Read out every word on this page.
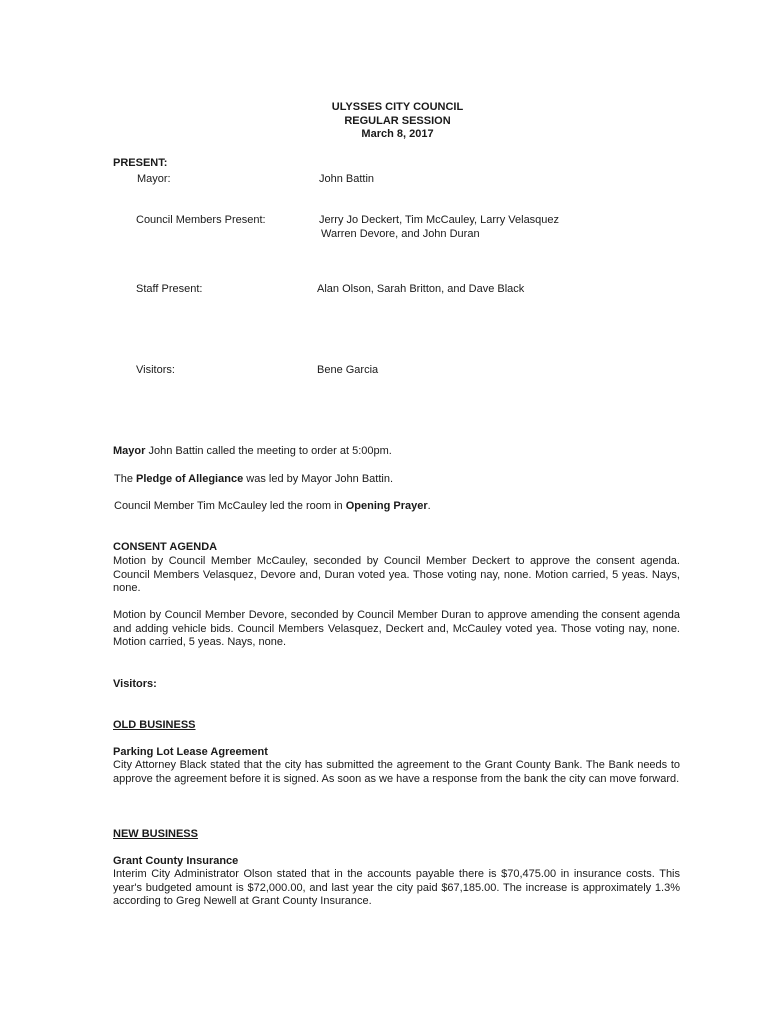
ULYSSES CITY COUNCIL
REGULAR SESSION
March 8, 2017
PRESENT:
Mayor:	John Battin
Council Members Present:	Jerry Jo Deckert, Tim McCauley, Larry Velasquez
Warren Devore, and John Duran
Staff Present:	Alan Olson, Sarah Britton, and Dave Black
Visitors:	Bene Garcia
Mayor John Battin called the meeting to order at 5:00pm.
The Pledge of Allegiance was led by Mayor John Battin.
Council Member Tim McCauley led the room in Opening Prayer.
CONSENT AGENDA
Motion by Council Member McCauley, seconded by Council Member Deckert to approve the consent agenda. Council Members Velasquez, Devore and, Duran voted yea. Those voting nay, none. Motion carried, 5 yeas. Nays, none.
Motion by Council Member Devore, seconded by Council Member Duran to approve amending the consent agenda and adding vehicle bids. Council Members Velasquez, Deckert and, McCauley voted yea. Those voting nay, none. Motion carried, 5 yeas. Nays, none.
Visitors:
OLD BUSINESS
Parking Lot Lease Agreement
City Attorney Black stated that the city has submitted the agreement to the Grant County Bank. The Bank needs to approve the agreement before it is signed. As soon as we have a response from the bank the city can move forward.
NEW BUSINESS
Grant County Insurance
Interim City Administrator Olson stated that in the accounts payable there is $70,475.00 in insurance costs. This year's budgeted amount is $72,000.00, and last year the city paid $67,185.00. The increase is approximately 1.3% according to Greg Newell at Grant County Insurance.
